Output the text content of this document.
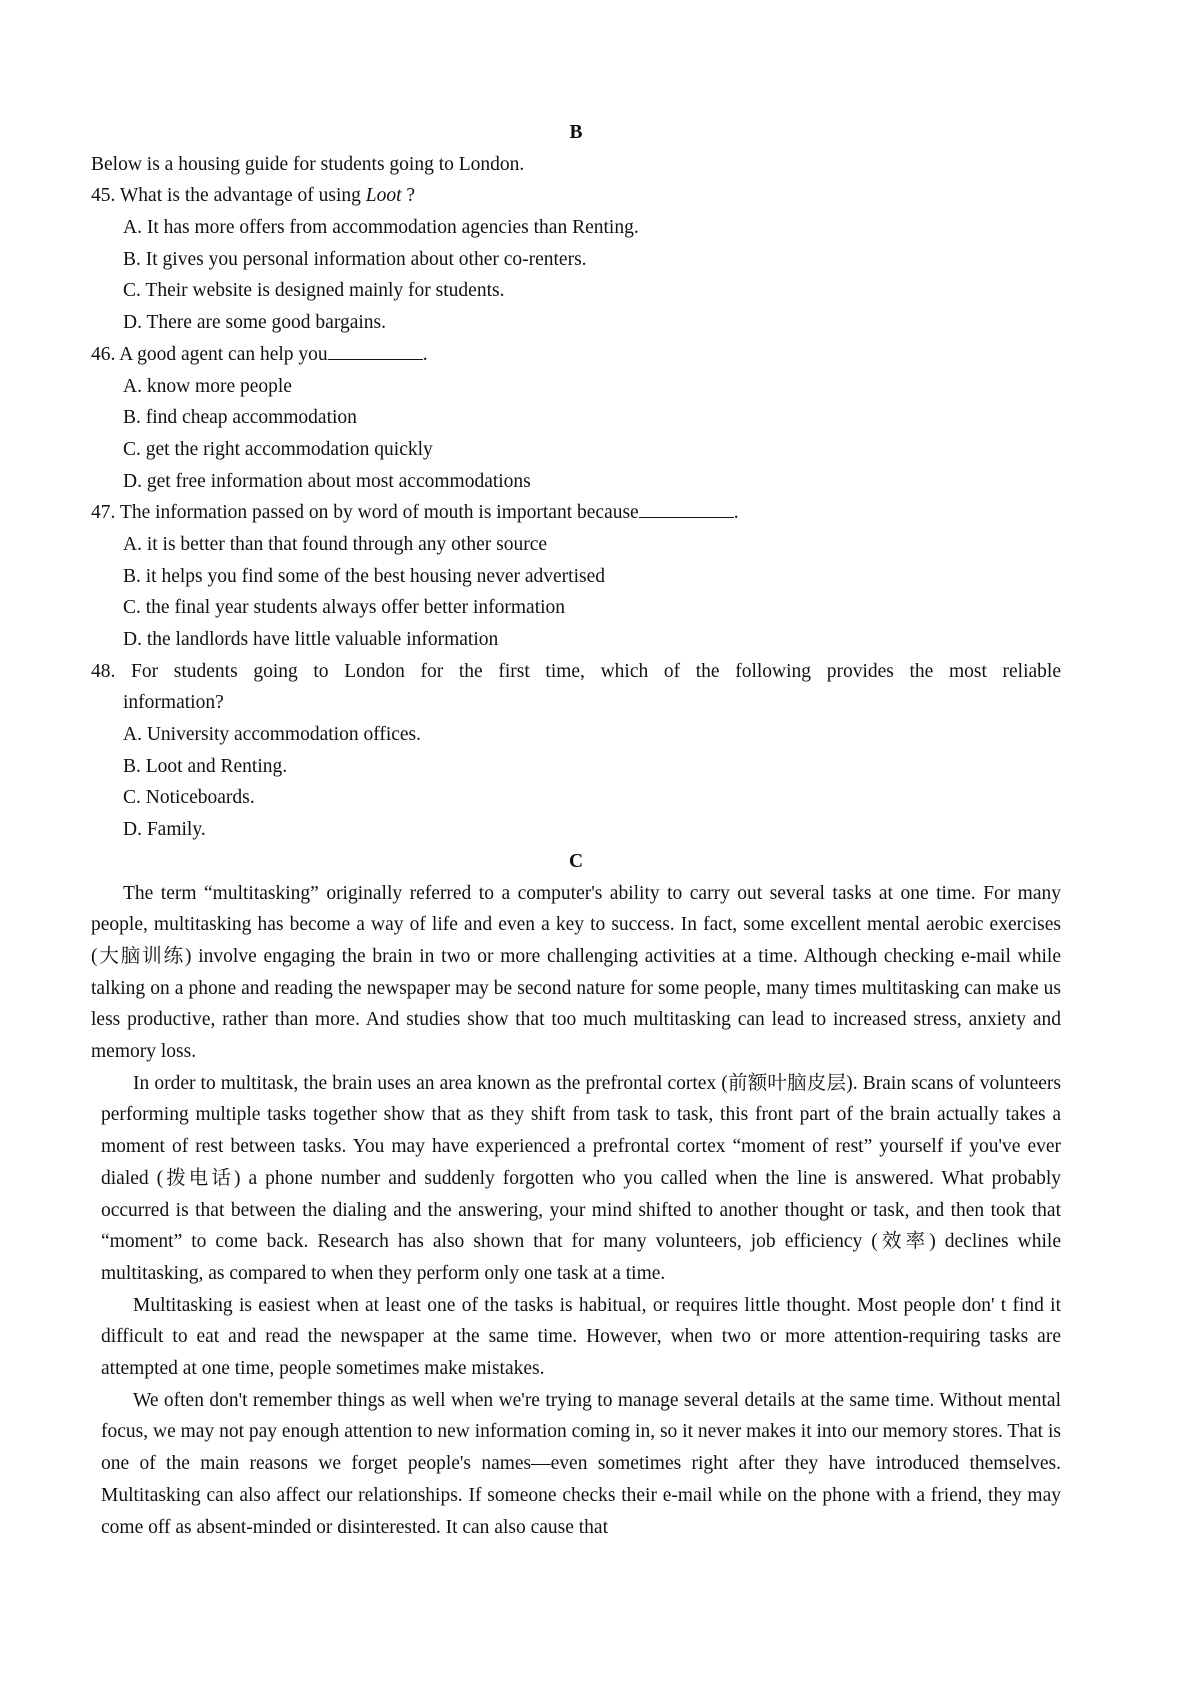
B
Below is a housing guide for students going to London.
45. What is the advantage of using Loot ?
A. It has more offers from accommodation agencies than Renting.
B. It gives you personal information about other co-renters.
C. Their website is designed mainly for students.
D. There are some good bargains.
46. A good agent can help you	.
A. know more people
B. find cheap accommodation
C. get the right accommodation quickly
D. get free information about most accommodations
47. The information passed on by word of mouth is important because	.
A. it is better than that found through any other source
B. it helps you find some of the best housing never advertised
C. the final year students always offer better information
D. the landlords have little valuable information
48. For students going to London for the first time, which of the following provides the most reliable
information?
A. University accommodation offices.
B. Loot and Renting.
C. Noticeboards.
D. Family.
C

The term “multitasking” originally referred to a computer's ability to carry out several tasks at one time. For many people, multitasking has become a way of life and even a key to success. In fact, some excellent mental aerobic exercises (大脑训练) involve engaging the brain in two or more challenging activities at a time. Although checking e-mail while talking on a phone and reading the newspaper may be second nature for some people, many times multitasking can make us less productive, rather than more. And studies show that too much multitasking can lead to increased stress, anxiety and memory loss.

In order to multitask, the brain uses an area known as the prefrontal cortex (前额叶脑皮层). Brain scans of volunteers performing multiple tasks together show that as they shift from task to task, this front part of the brain actually takes a moment of rest between tasks. You may have experienced a prefrontal cortex “moment of rest” yourself if you've ever dialed (拨电话) a phone number and suddenly forgotten who you called when the line is answered. What probably occurred is that between the dialing and the answering, your mind shifted to another thought or task, and then took that “moment” to come back. Research has also shown that for many volunteers, job efficiency (效率) declines while multitasking, as compared to when they perform only one task at a time.

Multitasking is easiest when at least one of the tasks is habitual, or requires little thought. Most people don' t find it difficult to eat and read the newspaper at the same time. However, when two or more attention-requiring tasks are attempted at one time, people sometimes make mistakes.

We often don't remember things as well when we're trying to manage several details at the same time. Without mental focus, we may not pay enough attention to new information coming in, so it never makes it into our memory stores. That is one of the main reasons we forget people's names—even sometimes right after they have introduced themselves. Multitasking can also affect our relationships. If someone checks their e-mail while on the phone with a friend, they may come off as absent-minded or disinterested. It can also cause that
